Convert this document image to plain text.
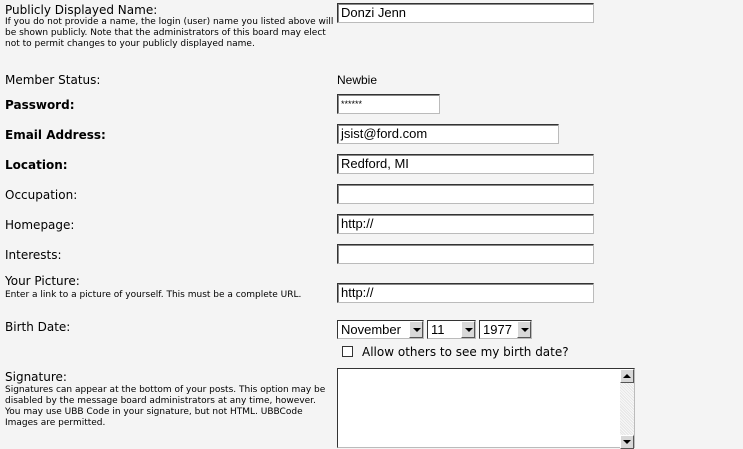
Publicly Displayed Name:
If you do not provide a name, the login (user) name you listed above will be shown publicly. Note that the administrators of this board may elect not to permit changes to your publicly displayed name.
Donzi Jenn
Member Status:	Newbie
Password:	******
Email Address:	jsist@ford.com
Location:	Redford, MI
Occupation:
Homepage:	http://
Interests:
Your Picture:
Enter a link to a picture of yourself. This must be a complete URL.	http://
Birth Date:	November	11	1977
Allow others to see my birth date?
Signature:
Signatures can appear at the bottom of your posts. This option may be disabled by the message board administrators at any time, however. You may use UBB Code in your signature, but not HTML. UBBCode Images are permitted.
